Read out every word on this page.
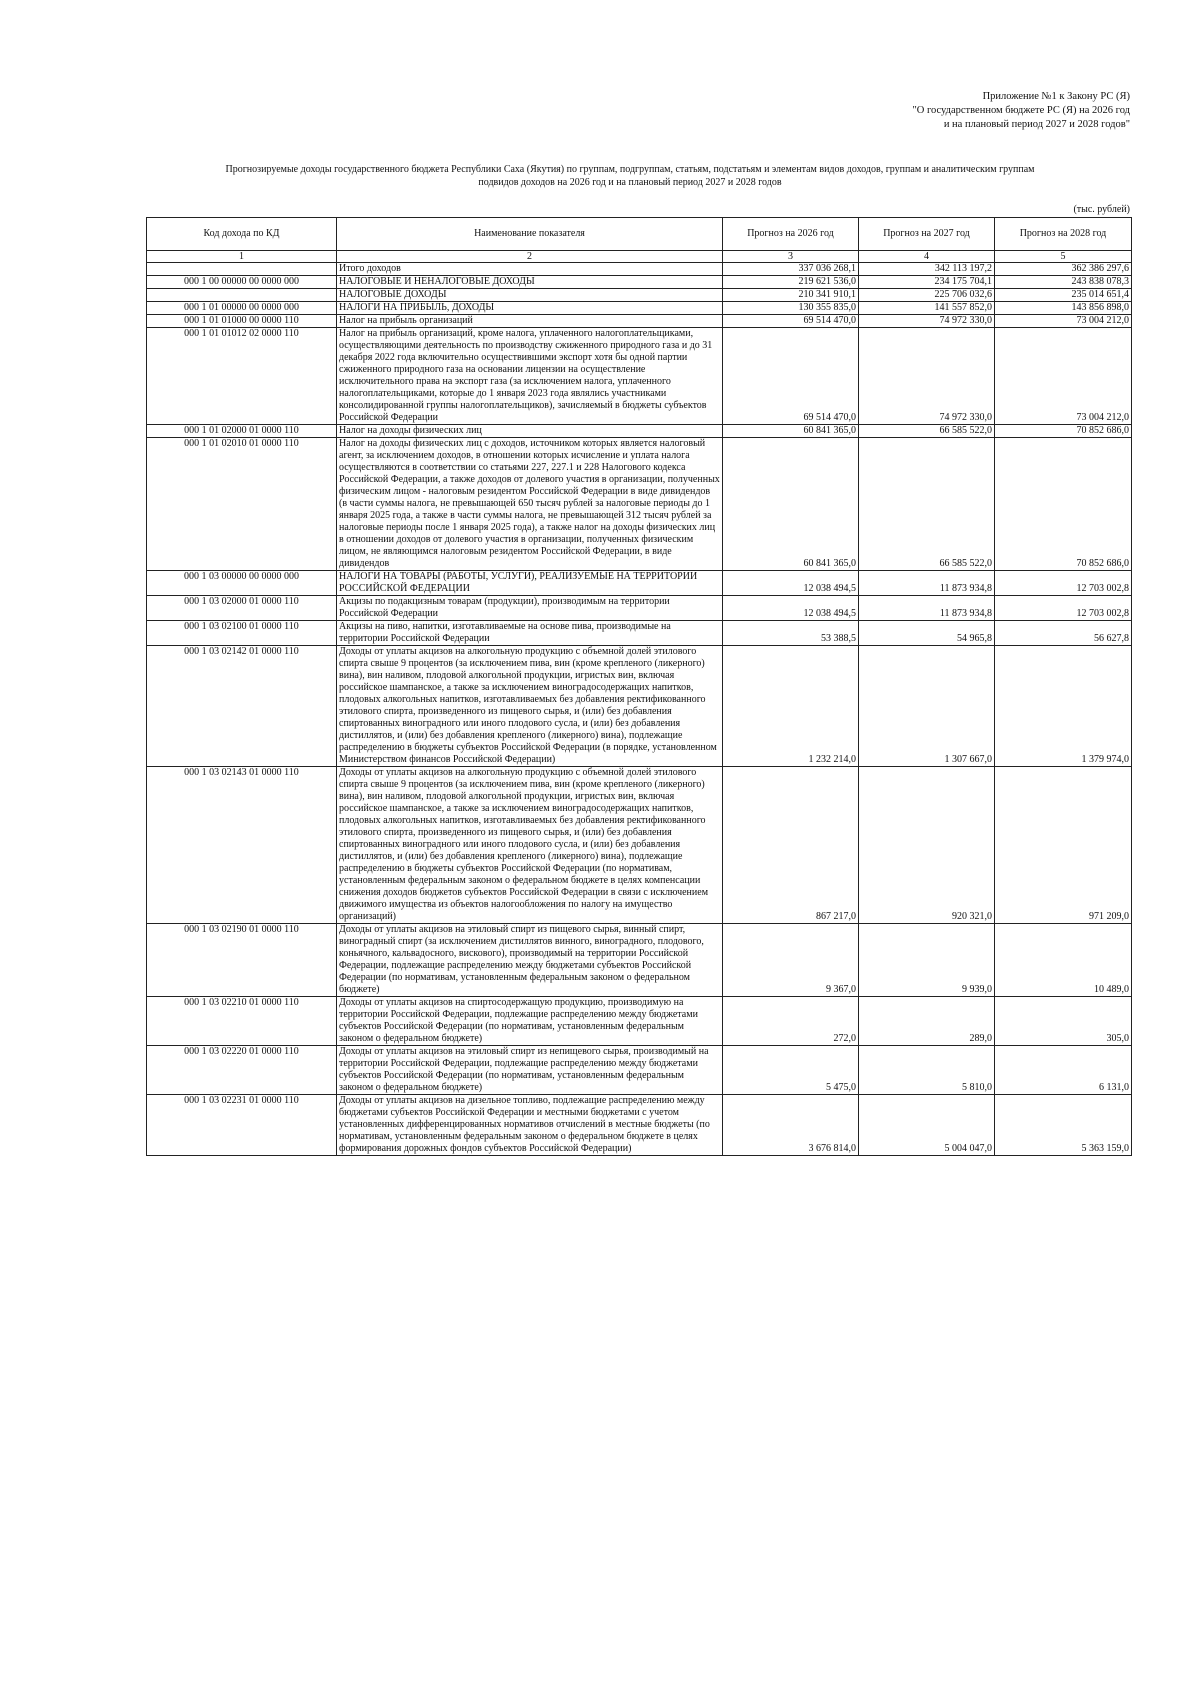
Приложение №1 к Закону РС (Я)
"О государственном бюджете РС (Я) на 2026 год
и на плановый период 2027 и 2028 годов"
Прогнозируемые доходы государственного бюджета Республики Саха (Якутия) по группам, подгруппам, статьям, подстатьям и элементам видов доходов, группам и аналитическим группам
подвидов доходов на 2026 год и на плановый период 2027 и 2028 годов
(тыс. рублей)
Код дохода по КД	Наименование показателя	Прогноз на 2026 год	Прогноз на 2027 год	Прогноз на 2028 год
1	2	3	4	5
	Итого доходов	337 036 268,1	342 113 197,2	362 386 297,6
000 1 00 00000 00 0000 000	НАЛОГОВЫЕ И НЕНАЛОГОВЫЕ ДОХОДЫ	219 621 536,0	234 175 704,1	243 838 078,3
	НАЛОГОВЫЕ ДОХОДЫ	210 341 910,1	225 706 032,6	235 014 651,4
000 1 01 00000 00 0000 000	НАЛОГИ НА ПРИБЫЛЬ, ДОХОДЫ	130 355 835,0	141 557 852,0	143 856 898,0
000 1 01 01000 00 0000 110	Налог на прибыль организаций	69 514 470,0	74 972 330,0	73 004 212,0
000 1 01 01012 02 0000 110	Налог на прибыль организаций, кроме налога, уплаченного налогоплательщиками, осуществляющими деятельность по производству сжиженного природного газа и до 31 декабря 2022 года включительно осуществившими экспорт хотя бы одной партии сжиженного природного газа на основании лицензии на осуществление исключительного права на экспорт газа (за исключением налога, уплаченного налогоплательщиками, которые до 1 января 2023 года являлись участниками консолидированной группы налогоплательщиков), зачисляемый в бюджеты субъектов Российской Федерации	69 514 470,0	74 972 330,0	73 004 212,0
000 1 01 02000 01 0000 110	Налог на доходы физических лиц	60 841 365,0	66 585 522,0	70 852 686,0
000 1 01 02010 01 0000 110	Налог на доходы физических лиц с доходов, источником которых является налоговый агент, за исключением доходов, в отношении которых исчисление и уплата налога осуществляются в соответствии со статьями 227, 227.1 и 228 Налогового кодекса Российской Федерации, а также доходов от долевого участия в организации, полученных физическим лицом - налоговым резидентом Российской Федерации в виде дивидендов (в части суммы налога, не превышающей 650 тысяч рублей за налоговые периоды до 1 января 2025 года, а также в части суммы налога, не превышающей 312 тысяч рублей за налоговые периоды после 1 января 2025 года), а также налог на доходы физических лиц в отношении доходов от долевого участия в организации, полученных физическим лицом, не являющимся налоговым резидентом Российской Федерации, в виде дивидендов	60 841 365,0	66 585 522,0	70 852 686,0
000 1 03 00000 00 0000 000	НАЛОГИ НА ТОВАРЫ (РАБОТЫ, УСЛУГИ), РЕАЛИЗУЕМЫЕ НА ТЕРРИТОРИИ РОССИЙСКОЙ ФЕДЕРАЦИИ	12 038 494,5	11 873 934,8	12 703 002,8
000 1 03 02000 01 0000 110	Акцизы по подакцизным товарам (продукции), производимым на территории Российской Федерации	12 038 494,5	11 873 934,8	12 703 002,8
000 1 03 02100 01 0000 110	Акцизы на пиво, напитки, изготавливаемые на основе пива, производимые на территории Российской Федерации	53 388,5	54 965,8	56 627,8
000 1 03 02142 01 0000 110	Доходы от уплаты акцизов на алкогольную продукцию с объемной долей этилового спирта свыше 9 процентов (за исключением пива, вин (кроме крепленого (ликерного) вина), вин наливом, плодовой алкогольной продукции, игристых вин, включая российское шампанское, а также за исключением виноградосодержащих напитков, плодовых алкогольных напитков, изготавливаемых без добавления ректификованного этилового спирта, произведенного из пищевого сырья, и (или) без добавления спиртованных виноградного или иного плодового сусла, и (или) без добавления дистиллятов, и (или) без добавления крепленого (ликерного) вина), подлежащие распределению в бюджеты субъектов Российской Федерации (в порядке, установленном Министерством финансов Российской Федерации)	1 232 214,0	1 307 667,0	1 379 974,0
000 1 03 02143 01 0000 110	Доходы от уплаты акцизов на алкогольную продукцию с объемной долей этилового спирта свыше 9 процентов (за исключением пива, вин (кроме крепленого (ликерного) вина), вин наливом, плодовой алкогольной продукции, игристых вин, включая российское шампанское, а также за исключением виноградосодержащих напитков, плодовых алкогольных напитков, изготавливаемых без добавления ректификованного этилового спирта, произведенного из пищевого сырья, и (или) без добавления спиртованных виноградного или иного плодового сусла, и (или) без добавления дистиллятов, и (или) без добавления крепленого (ликерного) вина), подлежащие распределению в бюджеты субъектов Российской Федерации (по нормативам, установленным федеральным законом о федеральном бюджете в целях компенсации снижения доходов бюджетов субъектов Российской Федерации в связи с исключением движимого имущества из объектов налогообложения по налогу на имущество организаций)	867 217,0	920 321,0	971 209,0
000 1 03 02190 01 0000 110	Доходы от уплаты акцизов на этиловый спирт из пищевого сырья, винный спирт, виноградный спирт (за исключением дистиллятов винного, виноградного, плодового, коньячного, кальвадосного, вискового), производимый на территории Российской Федерации, подлежащие распределению между бюджетами субъектов Российской Федерации (по нормативам, установленным федеральным законом о федеральном бюджете)	9 367,0	9 939,0	10 489,0
000 1 03 02210 01 0000 110	Доходы от уплаты акцизов на спиртосодержащую продукцию, производимую на территории Российской Федерации, подлежащие распределению между бюджетами субъектов Российской Федерации (по нормативам, установленным федеральным законом о федеральном бюджете)	272,0	289,0	305,0
000 1 03 02220 01 0000 110	Доходы от уплаты акцизов на этиловый спирт из непищевого сырья, производимый на территории Российской Федерации, подлежащие распределению между бюджетами субъектов Российской Федерации (по нормативам, установленным федеральным законом о федеральном бюджете)	5 475,0	5 810,0	6 131,0
000 1 03 02231 01 0000 110	Доходы от уплаты акцизов на дизельное топливо, подлежащие распределению между бюджетами субъектов Российской Федерации и местными бюджетами с учетом установленных дифференцированных нормативов отчислений в местные бюджеты (по нормативам, установленным федеральным законом о федеральном бюджете в целях формирования дорожных фондов субъектов Российской Федерации)	3 676 814,0	5 004 047,0	5 363 159,0
